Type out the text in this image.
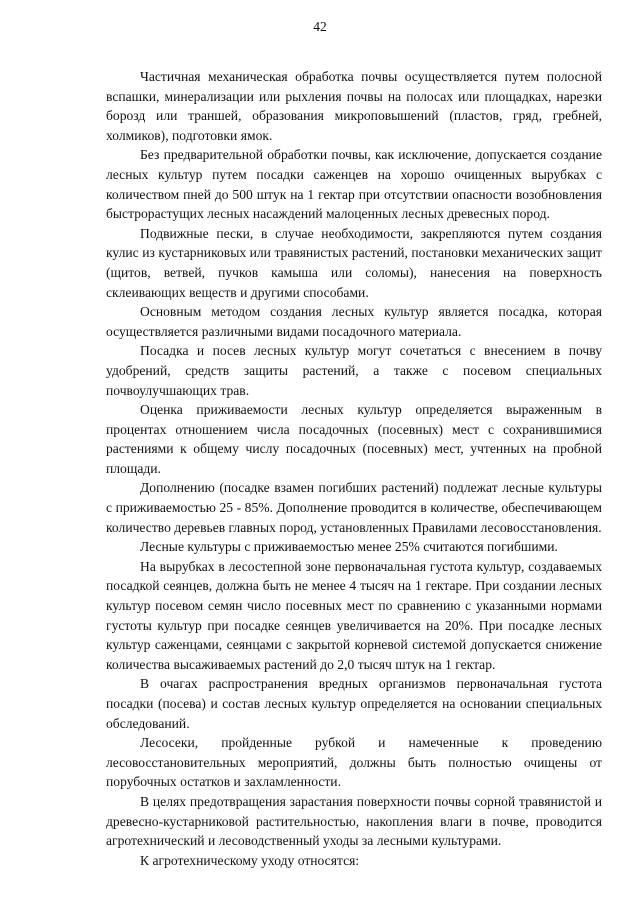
42

Частичная механическая обработка почвы осуществляется путем полосной вспашки, минерализации или рыхления почвы на полосах или площадках, нарезки борозд или траншей, образования микроповышений (пластов, гряд, гребней, холмиков), подготовки ямок.

Без предварительной обработки почвы, как исключение, допускается создание лесных культур путем посадки саженцев на хорошо очищенных вырубках с количеством пней до 500 штук на 1 гектар при отсутствии опасности возобновления быстрорастущих лесных насаждений малоценных лесных древесных пород.

Подвижные пески, в случае необходимости, закрепляются путем создания кулис из кустарниковых или травянистых растений, постановки механических защит (щитов, ветвей, пучков камыша или соломы), нанесения на поверхность склеивающих веществ и другими способами.

Основным методом создания лесных культур является посадка, которая осуществляется различными видами посадочного материала.

Посадка и посев лесных культур могут сочетаться с внесением в почву удобрений, средств защиты растений, а также с посевом специальных почвоулучшающих трав.

Оценка приживаемости лесных культур определяется выраженным в процентах отношением числа посадочных (посевных) мест с сохранившимися растениями к общему числу посадочных (посевных) мест, учтенных на пробной площади.

Дополнению (посадке взамен погибших растений) подлежат лесные культуры с приживаемостью 25 - 85%. Дополнение проводится в количестве, обеспечивающем количество деревьев главных пород, установленных Правилами лесовосстановления.

Лесные культуры с приживаемостью менее 25% считаются погибшими.

На вырубках в лесостепной зоне первоначальная густота культур, создаваемых посадкой сеянцев, должна быть не менее 4 тысяч на 1 гектаре. При создании лесных культур посевом семян число посевных мест по сравнению с указанными нормами густоты культур при посадке сеянцев увеличивается на 20%. При посадке лесных культур саженцами, сеянцами с закрытой корневой системой допускается снижение количества высаживаемых растений до 2,0 тысяч штук на 1 гектар.

В очагах распространения вредных организмов первоначальная густота посадки (посева) и состав лесных культур определяется на основании специальных обследований.

Лесосеки, пройденные рубкой и намеченные к проведению лесовосстановительных мероприятий, должны быть полностью очищены от порубочных остатков и захламленности.

В целях предотвращения зарастания поверхности почвы сорной травянистой и древесно-кустарниковой растительностью, накопления влаги в почве, проводится агротехнический и лесоводственный уходы за лесными культурами.

К агротехническому уходу относятся:
